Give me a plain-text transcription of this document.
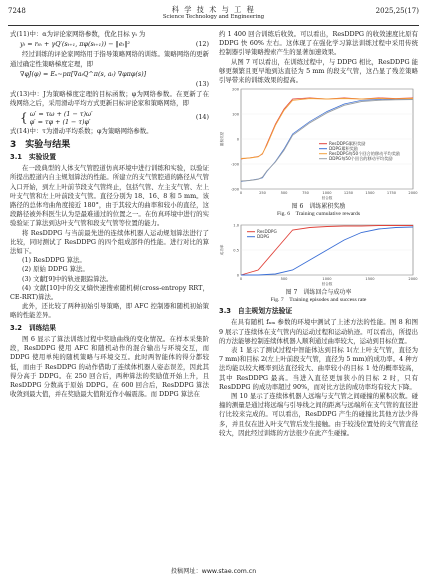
7248	科 学 技 术 与 工 程
Science Technology and Engineering
2025,25(17)

式(11)中：α为评论家网络参数，优化目标 yₜ 为

yₜ = rₜₕ + γQ′(sₜ₊₁, πφ(sₜ₊₁)) − ‖eₜ‖²	(12)

经过训练的评论家网络用于指导策略网络的训练。策略网络的更新通过确定性策略梯度定理，即

∇φJ(φ) = Eₛ∼pπ[∇aₜQ^π(s, aₜ) ∇φπφ(s)]
(13)

式(13)中：J为策略梯度定理的目标函数；φ为网络参数。在更新了在线网络之后，采用滑动平均方式更新目标评论家和策略网络，即

{ ω′ = τω + (1 − τ)ω′
φ′ = τφ + (1 − τ)φ′
(14)

式(14)中：τ为滑动平均系数；φ为策略网络参数。

3　实验与结果
3.1　实验设置

在一段典型的人体支气管腔道仿真环境中进行训练和实验，以验证所提出腔道内自主规划算法的性能。所建立的支气管腔道的路径从气管入口开始，到左上叶前节段支气管终止，包括气管、左主支气管、左上叶支气管和左上叶前段支气管。直径分别为 18、16、8 和 5 mm。该路径的总体弯曲角度接近 180°，由于其较大的曲率和较小的直径，这段路径被外科医生认为是最难通过的位置之一。在仿真环境中进行的实验验证了算法到达叶支气管和段支气管等位置的能力。

将 ResDDPG 与当前最先进的连续体机器人运动规划算法进行了比较，同时测试了 ResDDPG 的四个组成部件的性能。进行对比的算法如下。

(1) ResDDPG 算法。

(2) 原始 DDPG 算法。

(3) 文献[9]中的轨迹跟踪算法。

(4) 文献[10]中的交叉熵快速搜索随机树(cross-entropy RRT，CE-RRT)算法。

此外，还比较了两种初始引导策略，即 AFC 控制器和随机初始策略的性能差异。

3.2　训练结果

图 6 显示了算法训练过程中奖励曲线的变化情况。在样本采集阶段，ResDDPG 使用 AFC 和随机动作的混合输出与环境交互，而 DDPG 使用单纯的随机策略与环境交互。此时两智能体的得分都较低，而由于 ResDDPG 的动作借助了连续体机器人姿态误差，因此其得分高于 DDPG。在 250 回合后，两种算法的奖励值开始上升，且 ResDDPG 分数高于原始 DDPG。在 600 回合后，ResDDPG 算法收敛到最大值，并在奖励最大值附近作小幅震荡。而 DDPG 算法在

约 1 400 回合训练后收敛。可以看出，ResDDPG 的收敛速度比原有 DDPG 快 60% 左右。这体现了在强化学习算法训练过程中采用传统控制器引导策略搜索产生的显著加速效果。

从图 7 可以看出，在训练过程中，与 DDPG 相比，ResDDPG 能够更频繁且更早地到达直径为 5 mm 的段支气管，这凸显了残差策略引导带来的训练效果的提高。

0	250	500	750	1000	1250	1500	1750	2000
200
100
0
-100
-200
回合数
累积奖励	ResDDPG累积奖励
DDPG累积奖励
ResDDPG每50个回合的移动平均奖励
DDPG每50个回合的移动平均奖励
图 6　训练累积奖励
Fig. 6　Training cumulative rewards
0	500	1000	1500	2000
1.0
0.5
0
回合数
成功率
ResDDPG
DDPG
图 7　训练回合与成功率
Fig. 7　Training episodes and success rate
3.3　自主规划方法验证

在具有随机 fₙₘ 参数的环境中测试了上述方法的性能。图 8 和图 9 展示了连续体在支气管内的运动过程和运动轨迹。可以看出，所提出的方法能够控制连续体机器人顺利通过曲率较大，运动到目标位置。

表 1 显示了测试过程中智能体达到目标 1(左上叶支气管，直径为 7 mm)和目标 2(左上叶前段支气管，直径为 5 mm)的成功率。4 种方法均能以较大概率到达直径较大、曲率较小的目标 1 处的概率较高，其中 ResDDPG 最高。当进入直径更加狭小的目标 2 时，只有 ResDDPG 的成功率超过 90%，而对比方法的成功率均有较大下降。

图 10 显示了连续体机器人远端与支气管之间碰撞的累积次数。碰撞的测量是通过将远端与引导线之间的距离与远端所在支气管的直径进行比较来完成的。可以看出，ResDDPG 产生的碰撞比其他方法少得多，并且仅在进入叶支气管后发生接触。由于较浅位置处的支气管直径较大，因此经过训练的方法很少在此产生碰撞。

投稿网址：www.stae.com.cn
